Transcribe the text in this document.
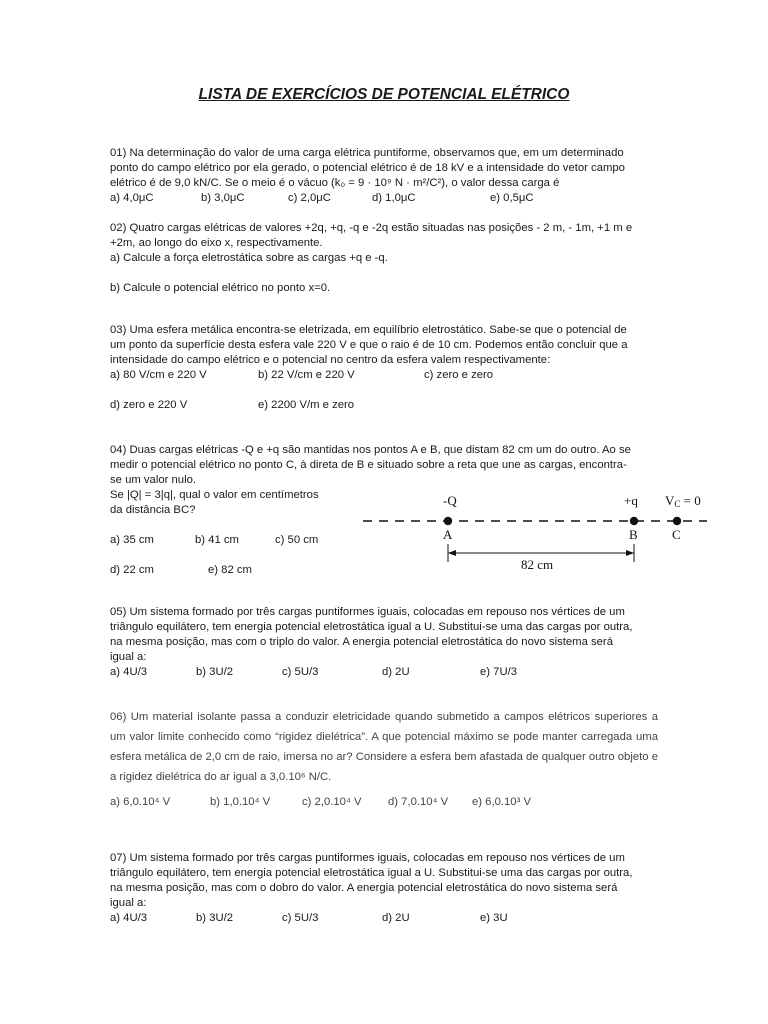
LISTA DE EXERCÍCIOS DE POTENCIAL ELÉTRICO

01) Na determinação do valor de uma carga elétrica puntiforme, observamos que, em um determinado

ponto do campo elétrico por ela gerado, o potencial elétrico é de 18 kV e a intensidade do vetor campo

elétrico é de 9,0 kN/C. Se o meio é o vácuo (k₀ = 9 · 10⁹ N · m²/C²), o valor dessa carga é

a) 4,0μC	b) 3,0μC	c) 2,0μC	d) 1,0μC	e) 0,5μC

02) Quatro cargas elétricas de valores +2q, +q, -q e -2q estão situadas nas posições - 2 m, - 1m, +1 m e

+2m, ao longo do eixo x, respectivamente.

a) Calcule a força eletrostática sobre as cargas +q e -q.

b) Calcule o potencial elétrico no ponto x=0.

03) Uma esfera metálica encontra-se eletrizada, em equilíbrio eletrostático. Sabe-se que o potencial de

um ponto da superfície desta esfera vale 220 V e que o raio é de 10 cm. Podemos então concluir que a

intensidade do campo elétrico e o potencial no centro da esfera valem respectivamente:

a) 80 V/cm e 220 V	b) 22 V/cm e 220 V	c) zero e zero
d) zero e 220 V	e) 2200 V/m e zero

04) Duas cargas elétricas -Q e +q são mantidas nos pontos A e B, que distam 82 cm um do outro. Ao se

medir o potencial elétrico no ponto C, à direta de B e situado sobre a reta que une as cargas, encontra-

se um valor nulo.

Se |Q| = 3|q|, qual o valor em centímetros

da distância BC?

a) 35 cm	b) 41 cm	c) 50 cm
d) 22 cm	e) 82 cm
-Q	+q VC = 0
A	B	C
82 cm

05) Um sistema formado por três cargas puntiformes iguais, colocadas em repouso nos vértices de um

triângulo equilátero, tem energia potencial eletrostática igual a U. Substitui-se uma das cargas por outra,

na mesma posição, mas com o triplo do valor. A energia potencial eletrostática do novo sistema será

igual a:

a) 4U/3	b) 3U/2	c) 5U/3	d) 2U	e) 7U/3

06) Um material isolante passa a conduzir eletricidade quando submetido a campos elétricos superiores a um valor limite conhecido como “rigidez dielétrica”. A que potencial máximo se pode manter carregada uma esfera metálica de 2,0 cm de raio, imersa no ar? Considere a esfera bem afastada de qualquer outro objeto e a rigidez dielétrica do ar igual a 3,0.10⁶ N/C.

a) 6,0.10⁴ V	b) 1,0.10⁴ V	c) 2,0.10⁴ V d) 7,0.10⁴ V e) 6,0.10³ V

07) Um sistema formado por três cargas puntiformes iguais, colocadas em repouso nos vértices de um

triângulo equilátero, tem energia potencial eletrostática igual a U. Substitui-se uma das cargas por outra,

na mesma posição, mas com o dobro do valor. A energia potencial eletrostática do novo sistema será

igual a:

a) 4U/3	b) 3U/2	c) 5U/3	d) 2U	e) 3U
